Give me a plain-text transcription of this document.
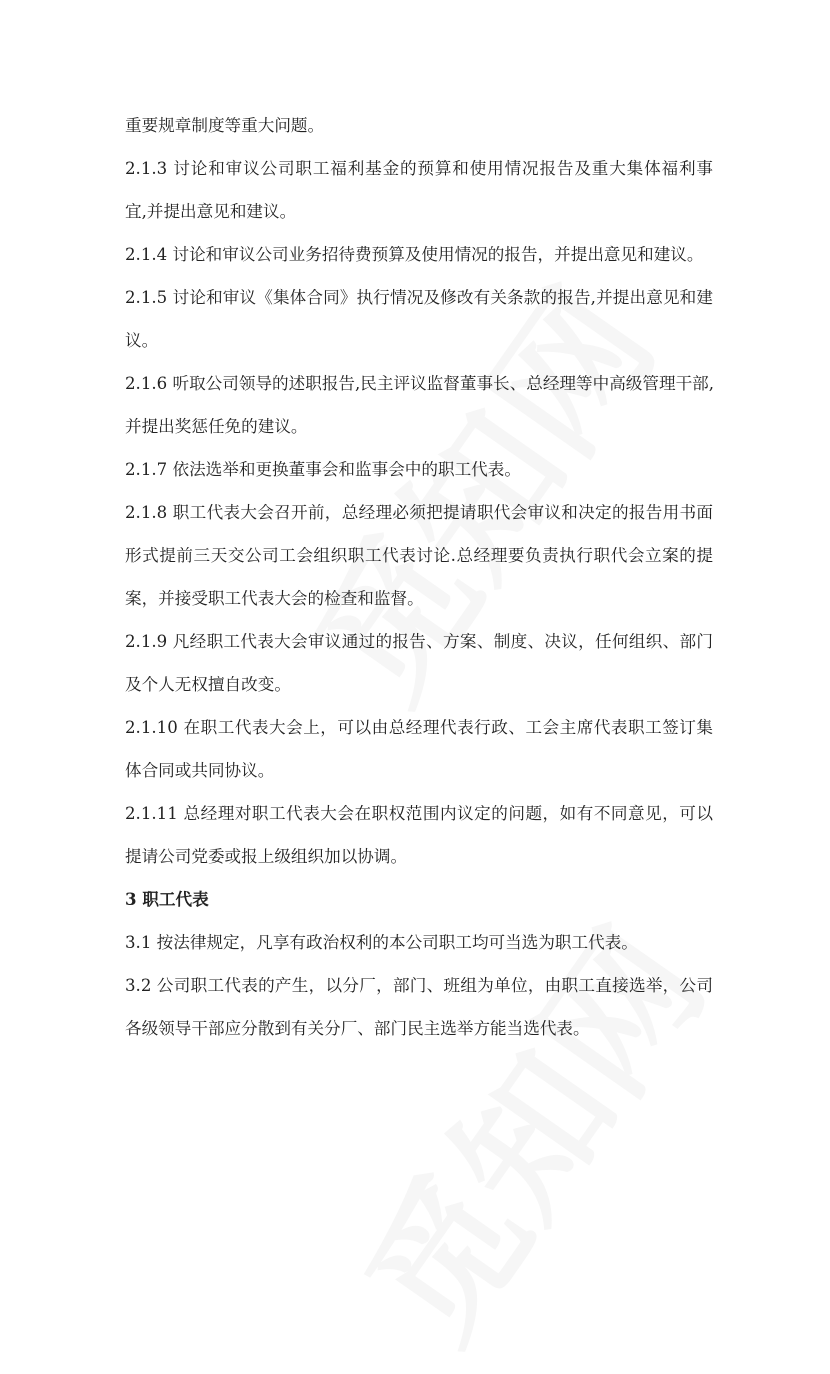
重要规章制度等重大问题。
2.1.3 讨论和审议公司职工福利基金的预算和使用情况报告及重大集体福利事
宜,并提出意见和建议。
2.1.4 讨论和审议公司业务招待费预算及使用情况的报告，并提出意见和建议。
2.1.5 讨论和审议《集体合同》执行情况及修改有关条款的报告,并提出意见和建
议。
2.1.6 听取公司领导的述职报告,民主评议监督董事长、总经理等中高级管理干部,
并提出奖惩任免的建议。
2.1.7 依法选举和更换董事会和监事会中的职工代表。
2.1.8 职工代表大会召开前，总经理必须把提请职代会审议和决定的报告用书面
形式提前三天交公司工会组织职工代表讨论.总经理要负责执行职代会立案的提
案，并接受职工代表大会的检查和监督。
2.1.9 凡经职工代表大会审议通过的报告、方案、制度、决议，任何组织、部门
及个人无权擅自改变。
2.1.10 在职工代表大会上，可以由总经理代表行政、工会主席代表职工签订集
体合同或共同协议。
2.1.11 总经理对职工代表大会在职权范围内议定的问题，如有不同意见，可以
提请公司党委或报上级组织加以协调。
3 职工代表
3.1 按法律规定，凡享有政治权利的本公司职工均可当选为职工代表。
3.2 公司职工代表的产生，以分厂，部门、班组为单位，由职工直接选举，公司
各级领导干部应分散到有关分厂、部门民主选举方能当选代表。
